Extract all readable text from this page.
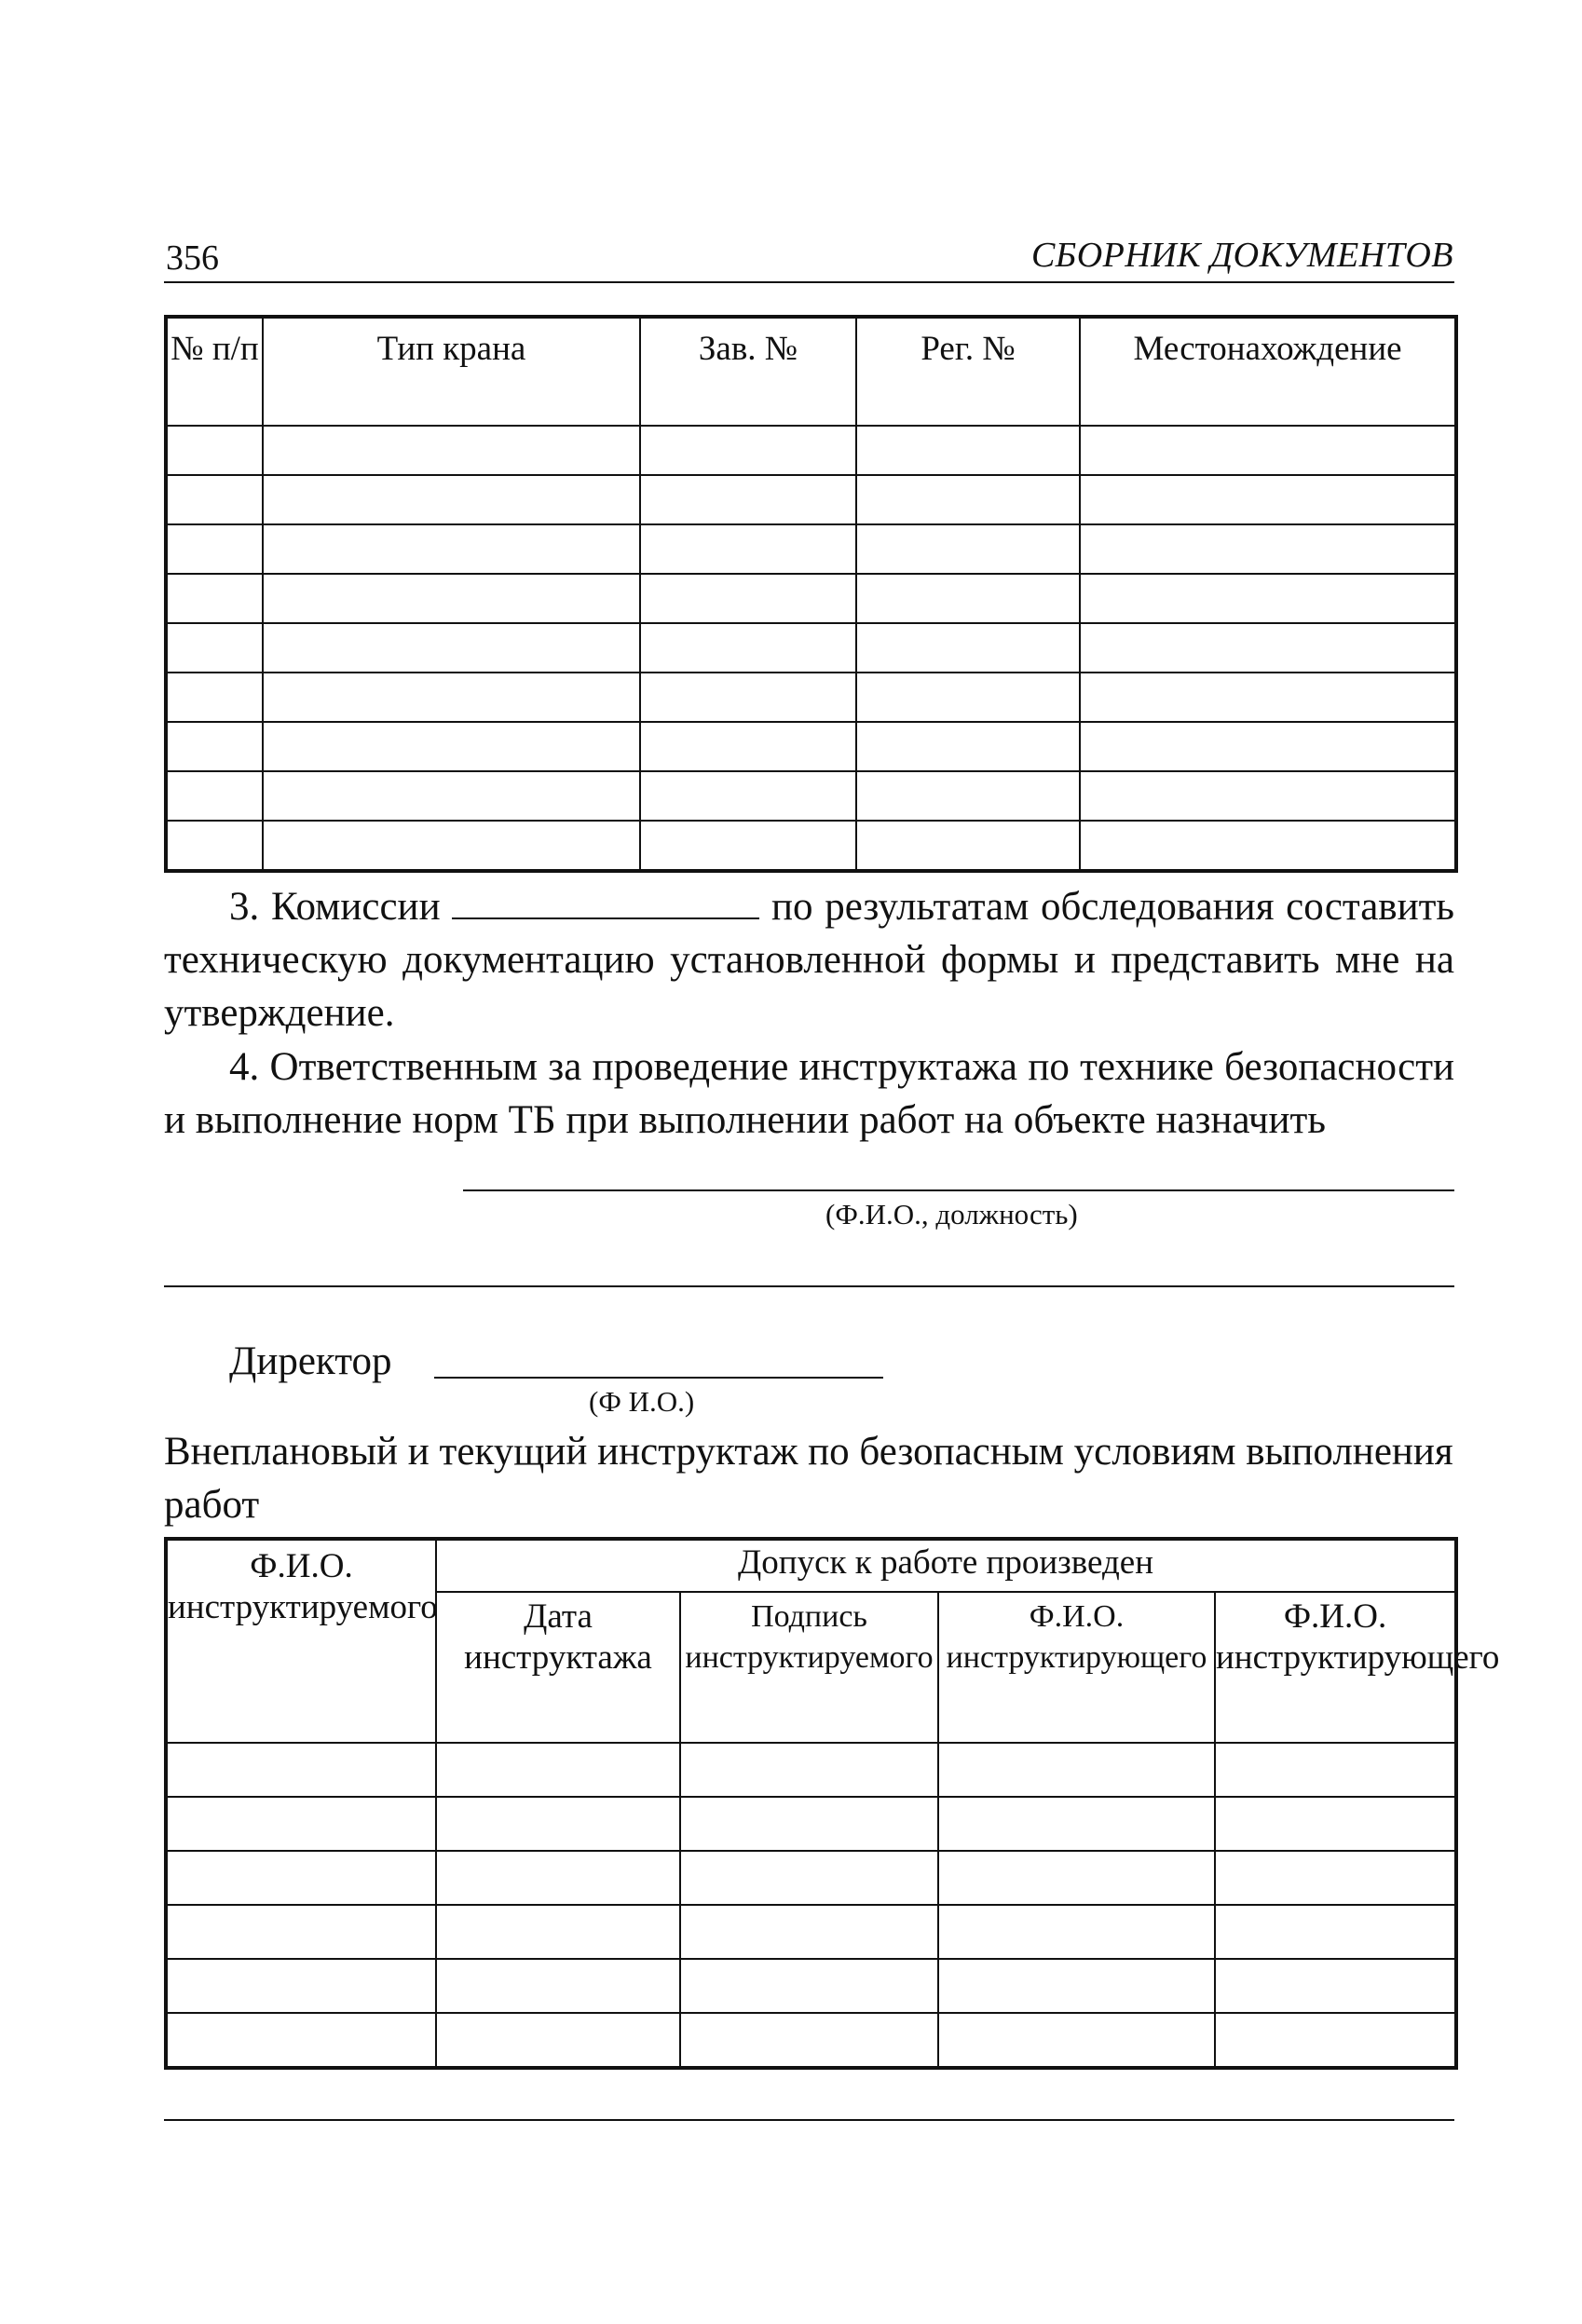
356	СБОРНИК ДОКУМЕНТОВ
№ п/п	Тип крана	Зав. №	Рег. №	Местонахождение

3. Комиссии	по результатам обследования составить техническую документацию установленной формы и представить мне на утверждение.
4. Ответственным за проведение инструктажа по технике безопасности и выполнение норм ТБ при выполнении работ на объекте назначить
(Ф.И.О., должность)
Директор
(Ф И.О.)
Внеплановый и текущий инструктаж по безопасным условиям выполнения работ
Ф.И.О. инструктируемого	Допуск к работе произведен			
	Дата инструктажа	Подпись инструктируемого	Ф.И.О. инструктирующего	Ф.И.О. инструктирующего
